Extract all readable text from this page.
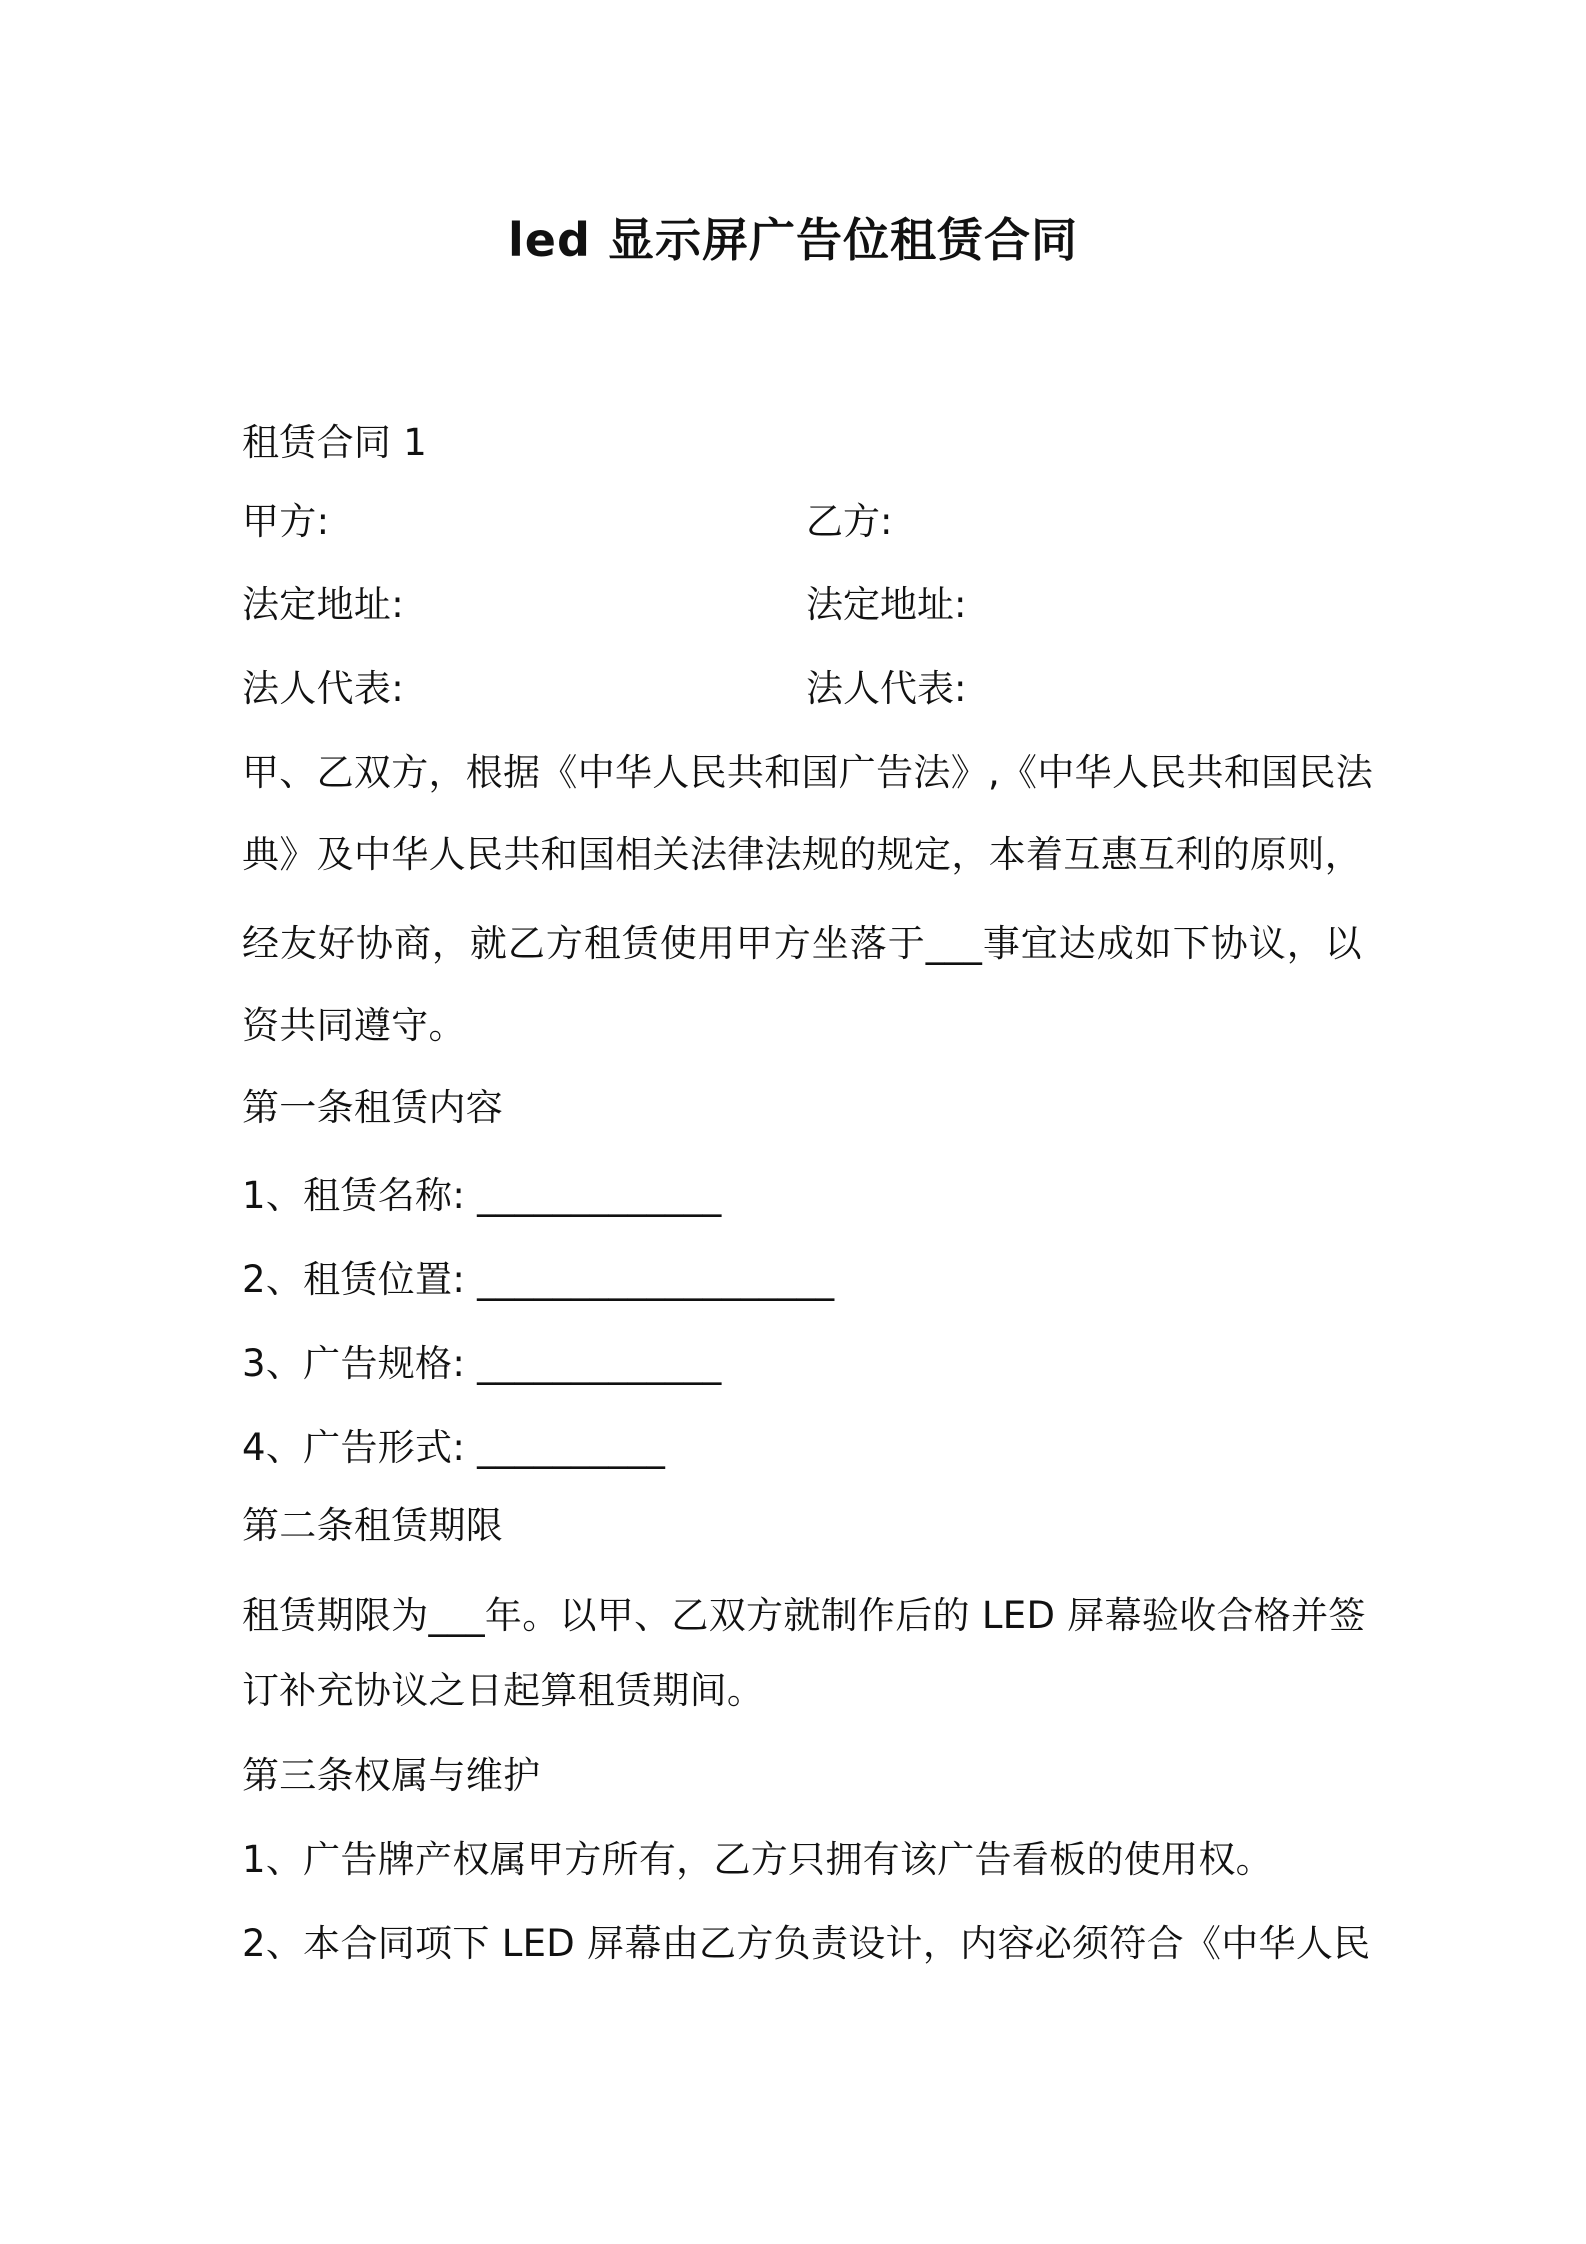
led 显示屏广告位租赁合同
租赁合同 1
甲方:	乙方:
法定地址:	法定地址:
法人代表:	法人代表:
甲、乙双方，根据《中华人民共和国广告法》,《中华人民共和国民法
典》及中华人民共和国相关法律法规的规定，本着互惠互利的原则，
经友好协商，就乙方租赁使用甲方坐落于___事宜达成如下协议，以
资共同遵守。
第一条租赁内容
1、租赁名称: _____________
2、租赁位置: ___________________
3、广告规格: _____________
4、广告形式: __________
第二条租赁期限
租赁期限为___年。以甲、乙双方就制作后的 LED 屏幕验收合格并签
订补充协议之日起算租赁期间。
第三条权属与维护
1、广告牌产权属甲方所有，乙方只拥有该广告看板的使用权。
2、本合同项下 LED 屏幕由乙方负责设计，内容必须符合《中华人民
